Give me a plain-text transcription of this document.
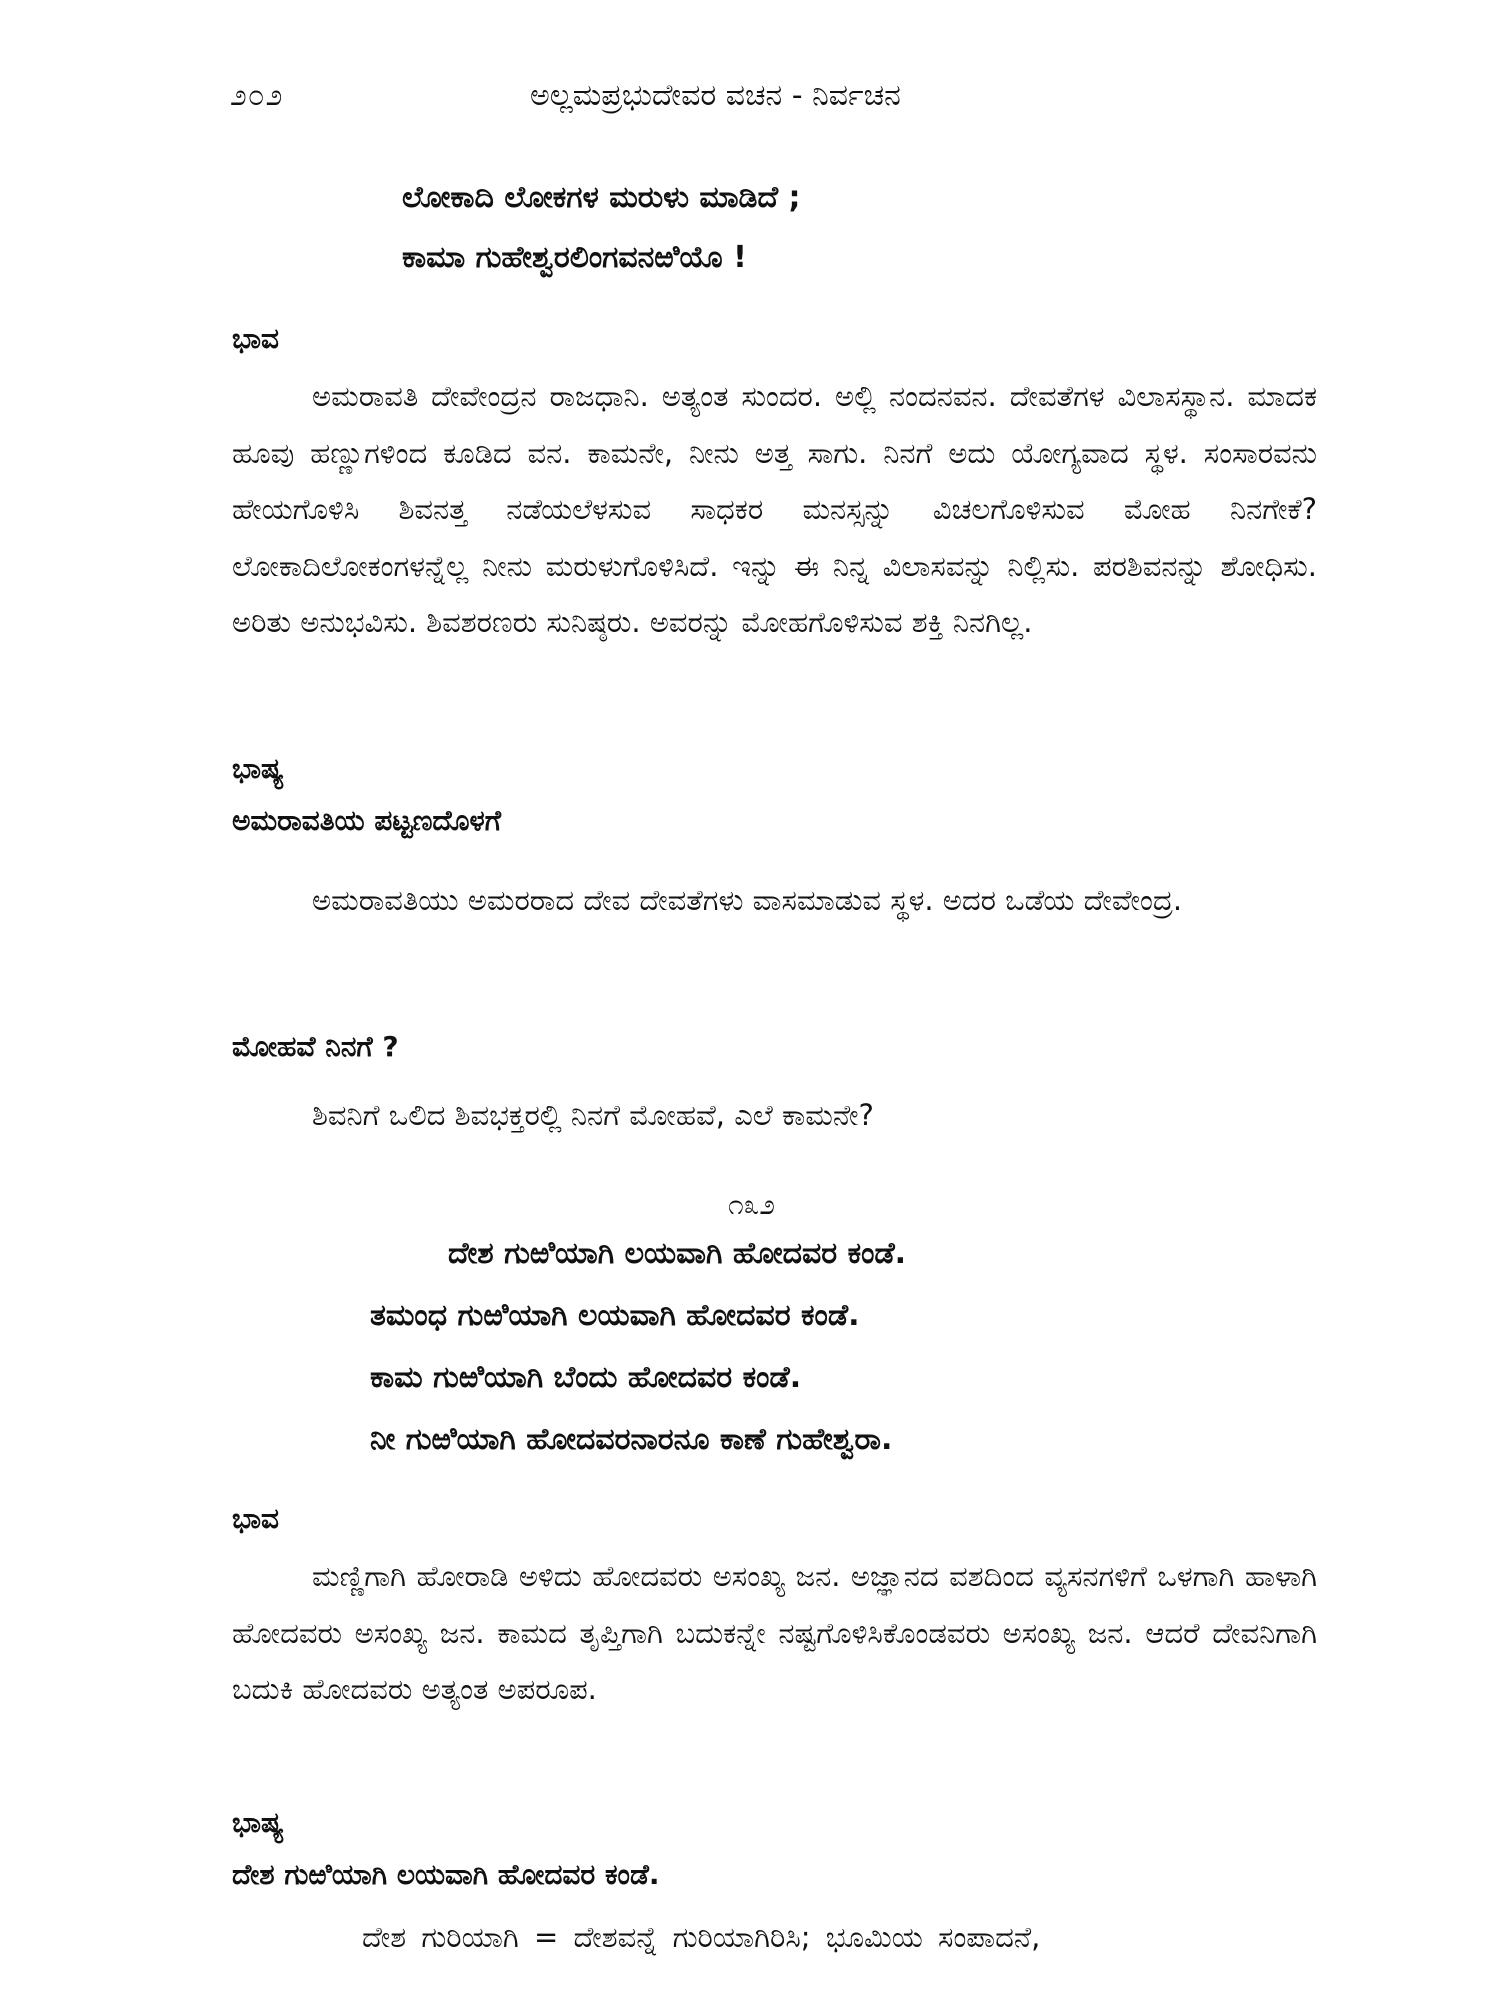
೨೦೨	ಅಲ್ಲಮಪ್ರಭುದೇವರ ವಚನ - ನಿರ್ವಚನ
ಲೋಕಾದಿ ಲೋಕಗಳ ಮರುಳು ಮಾಡಿದೆ ;
ಕಾಮಾ ಗುಹೇಶ್ವರಲಿಂಗವನಱಿಯೊ !
ಭಾವ

ಅಮರಾವತಿ ದೇವೇಂದ್ರನ ರಾಜಧಾನಿ. ಅತ್ಯಂತ ಸುಂದರ. ಅಲ್ಲಿ ನಂದನವನ. ದೇವತೆಗಳ ವಿಲಾಸಸ್ಥಾನ. ಮಾದಕ ಹೂವು ಹಣ್ಣುಗಳಿಂದ ಕೂಡಿದ ವನ. ಕಾಮನೇ, ನೀನು ಅತ್ತ ಸಾಗು. ನಿನಗೆ ಅದು ಯೋಗ್ಯವಾದ ಸ್ಥಳ. ಸಂಸಾರವನು ಹೇಯಗೊಳಿಸಿ ಶಿವನತ್ತ ನಡೆಯಲೆಳಸುವ ಸಾಧಕರ ಮನಸ್ಸನ್ನು ವಿಚಲಗೊಳಿಸುವ ಮೋಹ ನಿನಗೇಕೆ? ಲೋಕಾದಿಲೋಕಂಗಳನ್ನೆಲ್ಲ ನೀನು ಮರುಳುಗೊಳಿಸಿದೆ. ಇನ್ನು ಈ ನಿನ್ನ ವಿಲಾಸವನ್ನು ನಿಲ್ಲಿಸು. ಪರಶಿವನನ್ನು ಶೋಧಿಸು. ಅರಿತು ಅನುಭವಿಸು. ಶಿವಶರಣರು ಸುನಿಷ್ಠರು. ಅವರನ್ನು ಮೋಹಗೊಳಿಸುವ ಶಕ್ತಿ ನಿನಗಿಲ್ಲ.

ಭಾಷ್ಯ
ಅಮರಾವತಿಯ ಪಟ್ಟಣದೊಳಗೆ

ಅಮರಾವತಿಯು ಅಮರರಾದ ದೇವ ದೇವತೆಗಳು ವಾಸಮಾಡುವ ಸ್ಥಳ. ಅದರ ಒಡೆಯ ದೇವೇಂದ್ರ.

ಮೋಹವೆ ನಿನಗೆ ?
ಶಿವನಿಗೆ ಒಲಿದ ಶಿವಭಕ್ತರಲ್ಲಿ ನಿನಗೆ ಮೋಹವೆ, ಎಲೆ ಕಾಮನೇ?
೧೩೨
ದೇಶ ಗುಱಿಯಾಗಿ ಲಯವಾಗಿ ಹೋದವರ ಕಂಡೆ.
ತಮಂಧ ಗುಱಿಯಾಗಿ ಲಯವಾಗಿ ಹೋದವರ ಕಂಡೆ.
ಕಾಮ ಗುಱಿಯಾಗಿ ಬೆಂದು ಹೋದವರ ಕಂಡೆ.
ನೀ ಗುಱಿಯಾಗಿ ಹೋದವರನಾರನೂ ಕಾಣೆ ಗುಹೇಶ್ವರಾ.
ಭಾವ

ಮಣ್ಣಿಗಾಗಿ ಹೋರಾಡಿ ಅಳಿದು ಹೋದವರು ಅಸಂಖ್ಯ ಜನ. ಅಜ್ಞಾನದ ವಶದಿಂದ ವ್ಯಸನಗಳಿಗೆ ಒಳಗಾಗಿ ಹಾಳಾಗಿ ಹೋದವರು ಅಸಂಖ್ಯ ಜನ. ಕಾಮದ ತೃಪ್ತಿಗಾಗಿ ಬದುಕನ್ನೇ ನಷ್ಟಗೊಳಿಸಿಕೊಂಡವರು ಅಸಂಖ್ಯ ಜನ. ಆದರೆ ದೇವನಿಗಾಗಿ ಬದುಕಿ ಹೋದವರು ಅತ್ಯಂತ ಅಪರೂಪ.

ಭಾಷ್ಯ
ದೇಶ ಗುಱಿಯಾಗಿ ಲಯವಾಗಿ ಹೋದವರ ಕಂಡೆ.
ದೇಶ ಗುರಿಯಾಗಿ = ದೇಶವನ್ನೆ ಗುರಿಯಾಗಿರಿಸಿ; ಭೂಮಿಯ ಸಂಪಾದನೆ,
